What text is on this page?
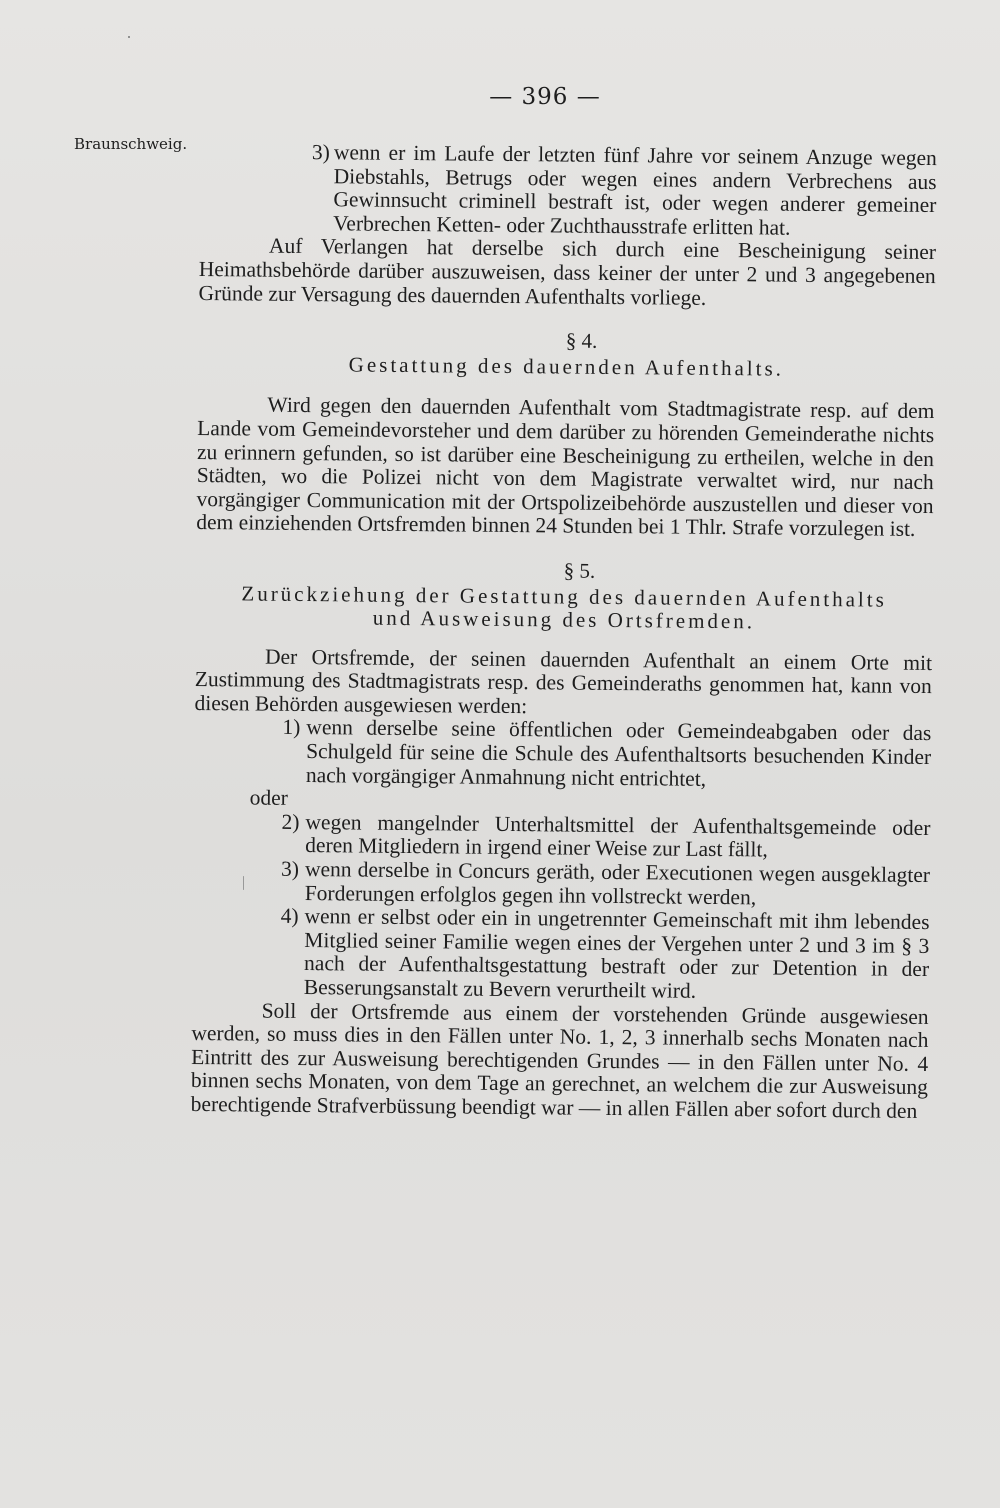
— 396 —
Braunschweig.	3) wenn er im Laufe der letzten fünf Jahre vor seinem Anzuge wegen Diebstahls, Betrugs oder wegen eines andern Verbrechens aus Gewinnsucht criminell bestraft ist, oder wegen anderer gemeiner Verbrechen Ketten- oder Zuchthausstrafe erlitten hat.

Auf Verlangen hat derselbe sich durch eine Bescheinigung seiner Heimathsbehörde darüber auszuweisen, dass keiner der unter 2 und 3 angegebenen Gründe zur Versagung des dauernden Aufenthalts vorliege.

§ 4.
Gestattung des dauernden Aufenthalts.

Wird gegen den dauernden Aufenthalt vom Stadtmagistrate resp. auf dem Lande vom Gemeindevorsteher und dem darüber zu hörenden Gemeinderathe nichts zu erinnern gefunden, so ist darüber eine Bescheinigung zu ertheilen, welche in den Städten, wo die Polizei nicht von dem Magistrate verwaltet wird, nur nach vorgängiger Communication mit der Ortspolizeibehörde auszustellen und dieser von dem einziehenden Ortsfremden binnen 24 Stunden bei 1 Thlr. Strafe vorzulegen ist.

§ 5.
Zurückziehung der Gestattung des dauernden Aufenthalts
und Ausweisung des Ortsfremden.

Der Ortsfremde, der seinen dauernden Aufenthalt an einem Orte mit Zustimmung des Stadtmagistrats resp. des Gemeinderaths genommen hat, kann von diesen Behörden ausgewiesen werden:

1) wenn derselbe seine öffentlichen oder Gemeindeabgaben oder das Schulgeld für seine die Schule des Aufenthaltsorts besuchenden Kinder nach vorgängiger Anmahnung nicht entrichtet,

oder

2) wegen mangelnder Unterhaltsmittel der Aufenthaltsgemeinde oder deren Mitgliedern in irgend einer Weise zur Last fällt,
3) wenn derselbe in Concurs geräth, oder Executionen wegen ausgeklagter Forderungen erfolglos gegen ihn vollstreckt werden,
4) wenn er selbst oder ein in ungetrennter Gemeinschaft mit ihm lebendes Mitglied seiner Familie wegen eines der Vergehen unter 2 und 3 im § 3 nach der Aufenthaltsgestattung bestraft oder zur Detention in der Besserungsanstalt zu Bevern verurtheilt wird.

Soll der Ortsfremde aus einem der vorstehenden Gründe ausgewiesen werden, so muss dies in den Fällen unter No. 1, 2, 3 innerhalb sechs Monaten nach Eintritt des zur Ausweisung berechtigenden Grundes — in den Fällen unter No. 4 binnen sechs Monaten, von dem Tage an gerechnet, an welchem die zur Ausweisung berechtigende Strafverbüssung beendigt war — in allen Fällen aber sofort durch den
